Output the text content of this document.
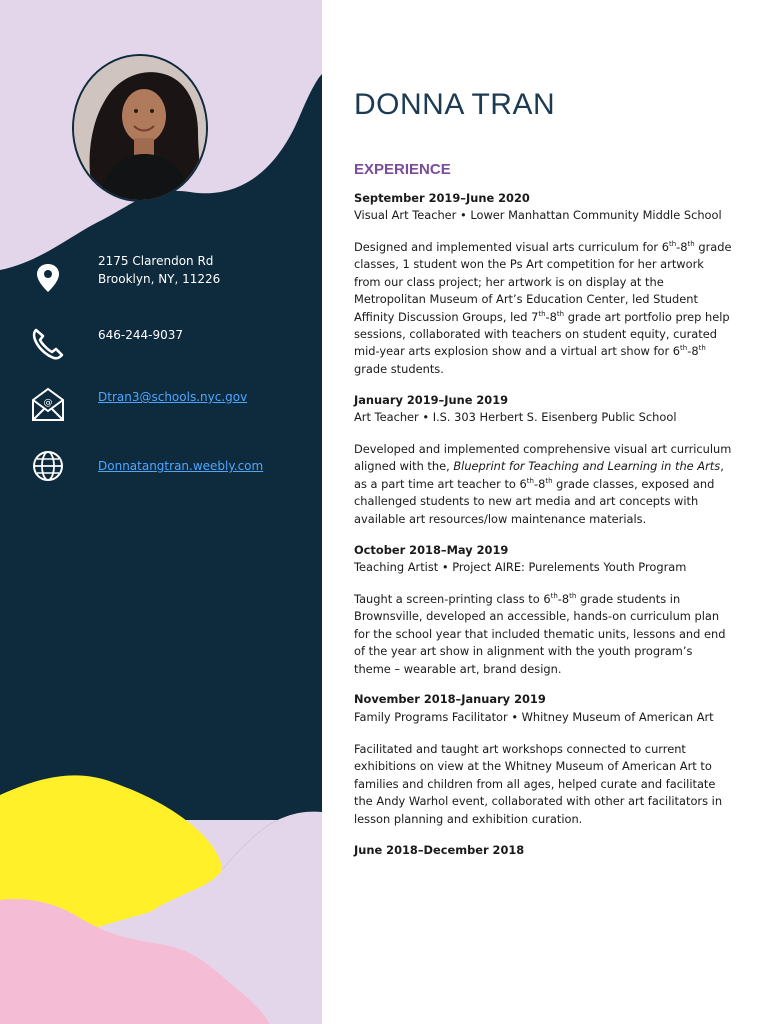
2175 Clarendon Rd
Brooklyn, NY, 11226
646-244-9037
@	Dtran3@schools.nyc.gov
Donnatangtran.weebly.com
DONNA TRAN
EXPERIENCE
September 2019–June 2020
Visual Art Teacher • Lower Manhattan Community Middle School
Designed and implemented visual arts curriculum for 6th-8th grade classes, 1 student won the Ps Art competition for her artwork from our class project; her artwork is on display at the Metropolitan Museum of Art’s Education Center, led Student Affinity Discussion Groups, led 7th-8th grade art portfolio prep help sessions, collaborated with teachers on student equity, curated mid-year arts explosion show and a virtual art show for 6th-8th grade students.
January 2019–June 2019
Art Teacher • I.S. 303 Herbert S. Eisenberg Public School
Developed and implemented comprehensive visual art curriculum aligned with the, Blueprint for Teaching and Learning in the Arts, as a part time art teacher to 6th-8th grade classes, exposed and challenged students to new art media and art concepts with available art resources/low maintenance materials.
October 2018–May 2019
Teaching Artist • Project AIRE: Purelements Youth Program
Taught a screen-printing class to 6th-8th grade students in Brownsville, developed an accessible, hands-on curriculum plan for the school year that included thematic units, lessons and end of the year art show in alignment with the youth program’s theme – wearable art, brand design.
November 2018–January 2019
Family Programs Facilitator • Whitney Museum of American Art
Facilitated and taught art workshops connected to current exhibitions on view at the Whitney Museum of American Art to families and children from all ages, helped curate and facilitate the Andy Warhol event, collaborated with other art facilitators in lesson planning and exhibition curation.
June 2018–December 2018
